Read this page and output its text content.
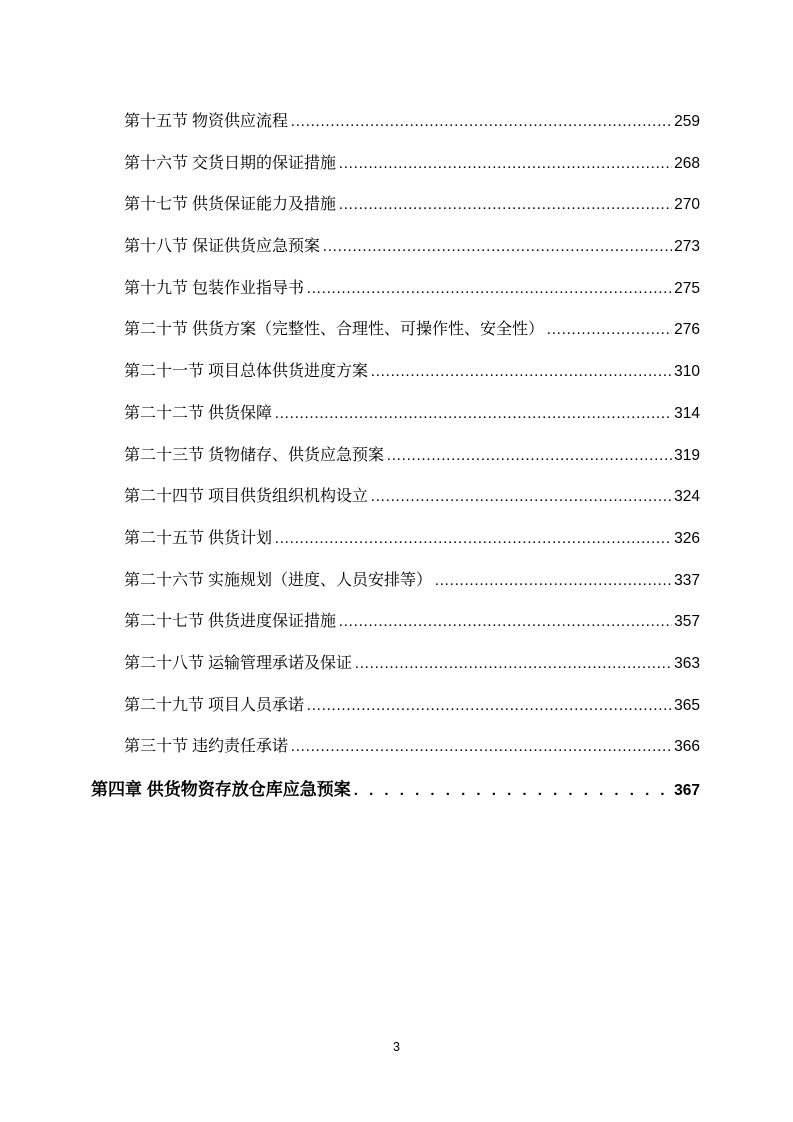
第十五节 物资供应流程 .....	259
第十六节 交货日期的保证措施 .....	268
第十七节 供货保证能力及措施 .....	270
第十八节 保证供货应急预案 .....	273
第十九节 包装作业指导书 .....	275
第二十节 供货方案（完整性、合理性、可操作性、安全性） .....	276
第二十一节 项目总体供货进度方案 .....	310
第二十二节 供货保障 .....	314
第二十三节 货物储存、供货应急预案 .....	319
第二十四节 项目供货组织机构设立 .....	324
第二十五节 供货计划 .....	326
第二十六节 实施规划（进度、人员安排等） .....	337
第二十七节 供货进度保证措施 .....	357
第二十八节 运输管理承诺及保证 .....	363
第二十九节 项目人员承诺 .....	365
第三十节 违约责任承诺 .....	366
第四章 供货物资存放仓库应急预案 . . .	367
3
